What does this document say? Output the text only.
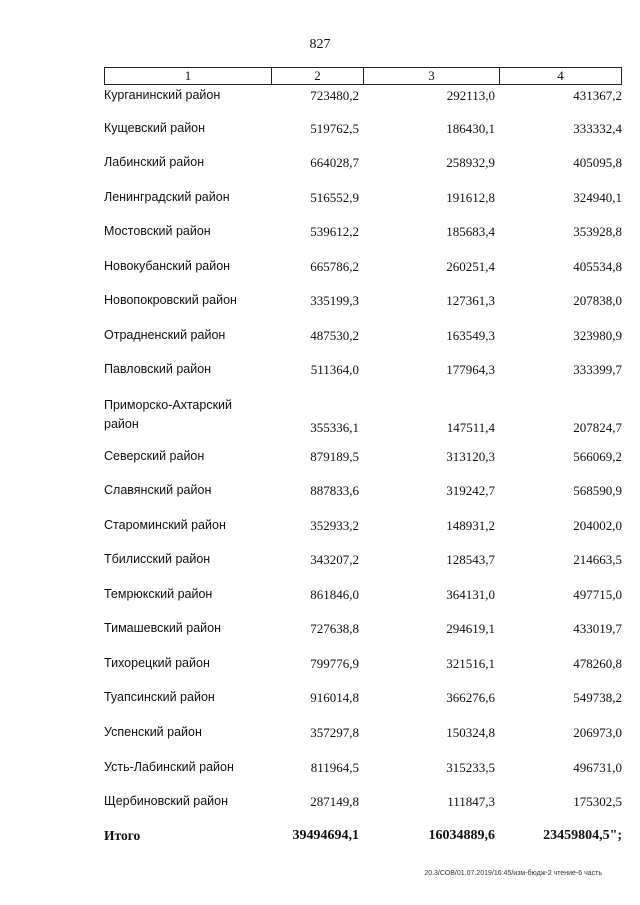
827
1	2	3	4
Курганинский район	723480,2	292113,0	431367,2
Кущевский район	519762,5	186430,1	333332,4
Лабинский район	664028,7	258932,9	405095,8
Ленинградский район	516552,9	191612,8	324940,1
Мостовский район	539612,2	185683,4	353928,8
Новокубанский район	665786,2	260251,4	405534,8
Новопокровский район	335199,3	127361,3	207838,0
Отрадненский район	487530,2	163549,3	323980,9
Павловский район	511364,0	177964,3	333399,7
Приморско-Ахтарский
район	355336,1	147511,4	207824,7
Северский район	879189,5	313120,3	566069,2
Славянский район	887833,6	319242,7	568590,9
Староминский район	352933,2	148931,2	204002,0
Тбилисский район	343207,2	128543,7	214663,5
Темрюкский район	861846,0	364131,0	497715,0
Тимашевский район	727638,8	294619,1	433019,7
Тихорецкий район	799776,9	321516,1	478260,8
Туапсинский район	916014,8	366276,6	549738,2
Успенский район	357297,8	150324,8	206973,0
Усть-Лабинский район	811964,5	315233,5	496731,0
Щербиновский район	287149,8	111847,3	175302,5
Итого	39494694,1	16034889,6	23459804,5";
20.3/СОВ/01.07.2019/16:45/изм-бюдж-2 чтение-6 часть
